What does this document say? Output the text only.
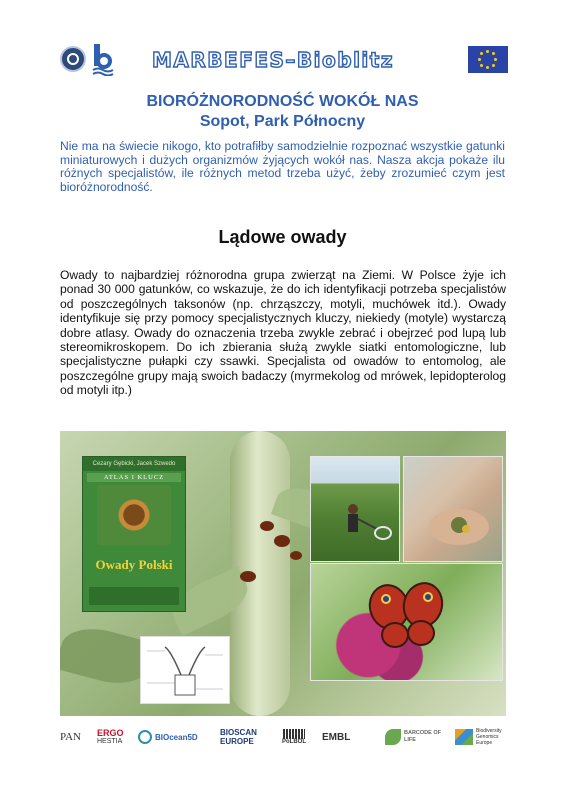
MARBEFES–Bioblitz
BIORÓŻNORODNOŚĆ WOKÓŁ NAS
Sopot, Park Północny
Nie ma na świecie nikogo, kto potrafiłby samodzielnie rozpoznać wszystkie gatunki miniaturowych i dużych organizmów żyjących wokół nas. Nasza akcja pokaże ilu różnych specjalistów, ile różnych metod trzeba użyć, żeby zrozumieć czym jest bioróżnorodność.
Lądowe owady
Owady to najbardziej różnorodna grupa zwierząt na Ziemi. W Polsce żyje ich ponad 30 000 gatunków, co wskazuje, że do ich identyfikacji potrzeba specjalistów od poszczególnych taksonów (np. chrząszczy, motyli, muchówek itd.). Owady identyfikuje się przy pomocy specjalistycznych kluczy, niekiedy (motyle) wystarczą dobre atlasy. Owady do oznaczenia trzeba zwykle zebrać i obejrzeć pod lupą lub stereomikroskopem. Do ich zbierania służą zwykle siatki entomologiczne, lub specjalistyczne pułapki czy ssawki. Specjalista od owadów to entomolog, ale poszczególne grupy mają swoich badaczy (myrmekolog od mrówek, lepidopterolog od motyli itp.)
Cezary Gębicki, Jacek Szwedo
ATLAS I KLUCZ
Owady Polski
PAN ERGO
HESTIA	BIOcean5D	BIOSCAN
EUROPE	PoLBOL EMBL	BARCODE OF LIFE
Biodiversity Genomics Europe
